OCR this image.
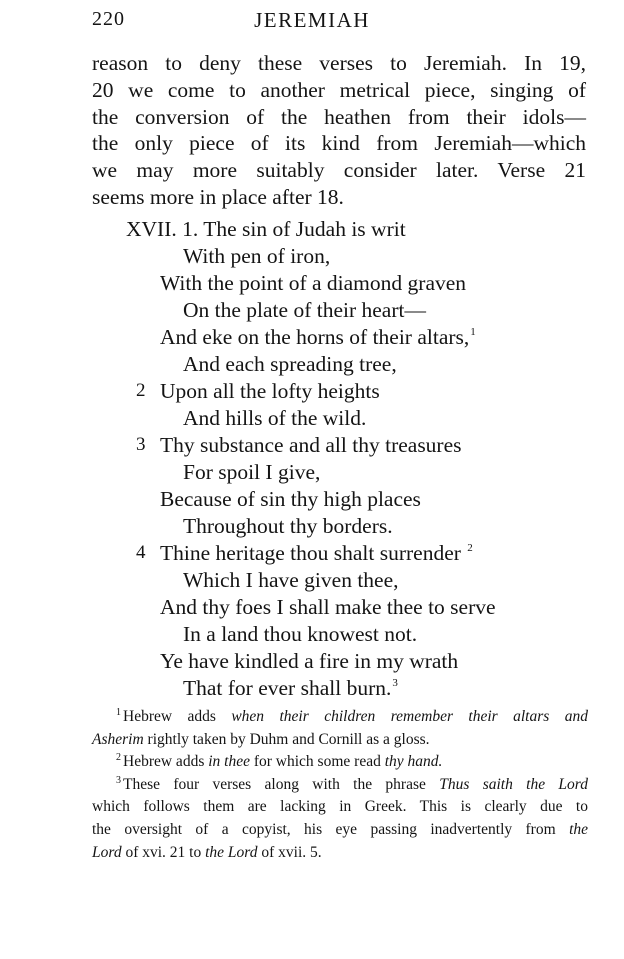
220	JEREMIAH
reason to deny these verses to Jeremiah. In 19,
20 we come to another metrical piece, singing of
the conversion of the heathen from their idols—
the only piece of its kind from Jeremiah—which
we may more suitably consider later. Verse 21
seems more in place after 18.
XVII. 1. The sin of Judah is writ
With pen of iron,
With the point of a diamond graven
On the plate of their heart—
And eke on the horns of their altars,$^1$
And each spreading tree,
2 Upon all the lofty heights
And hills of the wild.
3 Thy substance and all thy treasures
For spoil I give,
Because of sin thy high places
Throughout thy borders.
4 Thine heritage thou shalt surrender $^2$
Which I have given thee,
And thy foes I shall make thee to serve
In a land thou knowest not.
Ye have kindled a fire in my wrath
That for ever shall burn.$^3$
$^1$ Hebrew adds when their children remember their altars and
Asherim rightly taken by Duhm and Cornill as a gloss.
$^2$ Hebrew adds in thee for which some read thy hand.
$^3$ These four verses along with the phrase Thus saith the Lord
which follows them are lacking in Greek. This is clearly due to
the oversight of a copyist, his eye passing inadvertently from the
Lord of xvi. 21 to the Lord of xvii. 5.
